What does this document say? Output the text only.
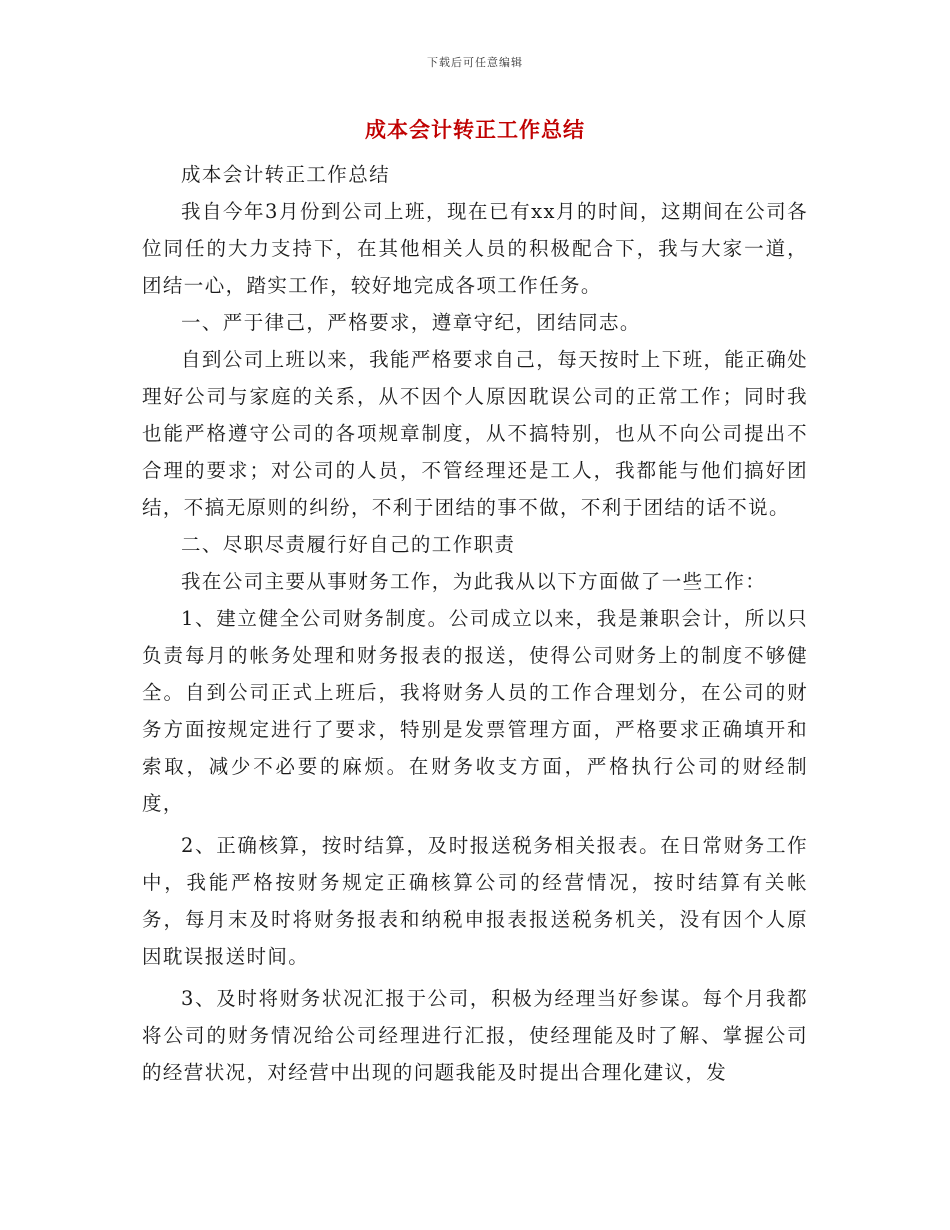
下载后可任意编辑
成本会计转正工作总结

成本会计转正工作总结

我自今年3月份到公司上班，现在已有xx月的时间，这期间在公司各位同任的大力支持下，在其他相关人员的积极配合下，我与大家一道，团结一心，踏实工作，较好地完成各项工作任务。

一、严于律己，严格要求，遵章守纪，团结同志。

自到公司上班以来，我能严格要求自己，每天按时上下班，能正确处理好公司与家庭的关系，从不因个人原因耽误公司的正常工作；同时我也能严格遵守公司的各项规章制度，从不搞特别，也从不向公司提出不合理的要求；对公司的人员，不管经理还是工人，我都能与他们搞好团结，不搞无原则的纠纷，不利于团结的事不做，不利于团结的话不说。

二、尽职尽责履行好自己的工作职责

我在公司主要从事财务工作，为此我从以下方面做了一些工作：

1、建立健全公司财务制度。公司成立以来，我是兼职会计，所以只负责每月的帐务处理和财务报表的报送，使得公司财务上的制度不够健全。自到公司正式上班后，我将财务人员的工作合理划分，在公司的财务方面按规定进行了要求，特别是发票管理方面，严格要求正确填开和索取，减少不必要的麻烦。在财务收支方面，严格执行公司的财经制度，

2、正确核算，按时结算，及时报送税务相关报表。在日常财务工作中，我能严格按财务规定正确核算公司的经营情况，按时结算有关帐务，每月末及时将财务报表和纳税申报表报送税务机关，没有因个人原因耽误报送时间。

3、及时将财务状况汇报于公司，积极为经理当好参谋。每个月我都将公司的财务情况给公司经理进行汇报，使经理能及时了解、掌握公司的经营状况，对经营中出现的问题我能及时提出合理化建议，发
